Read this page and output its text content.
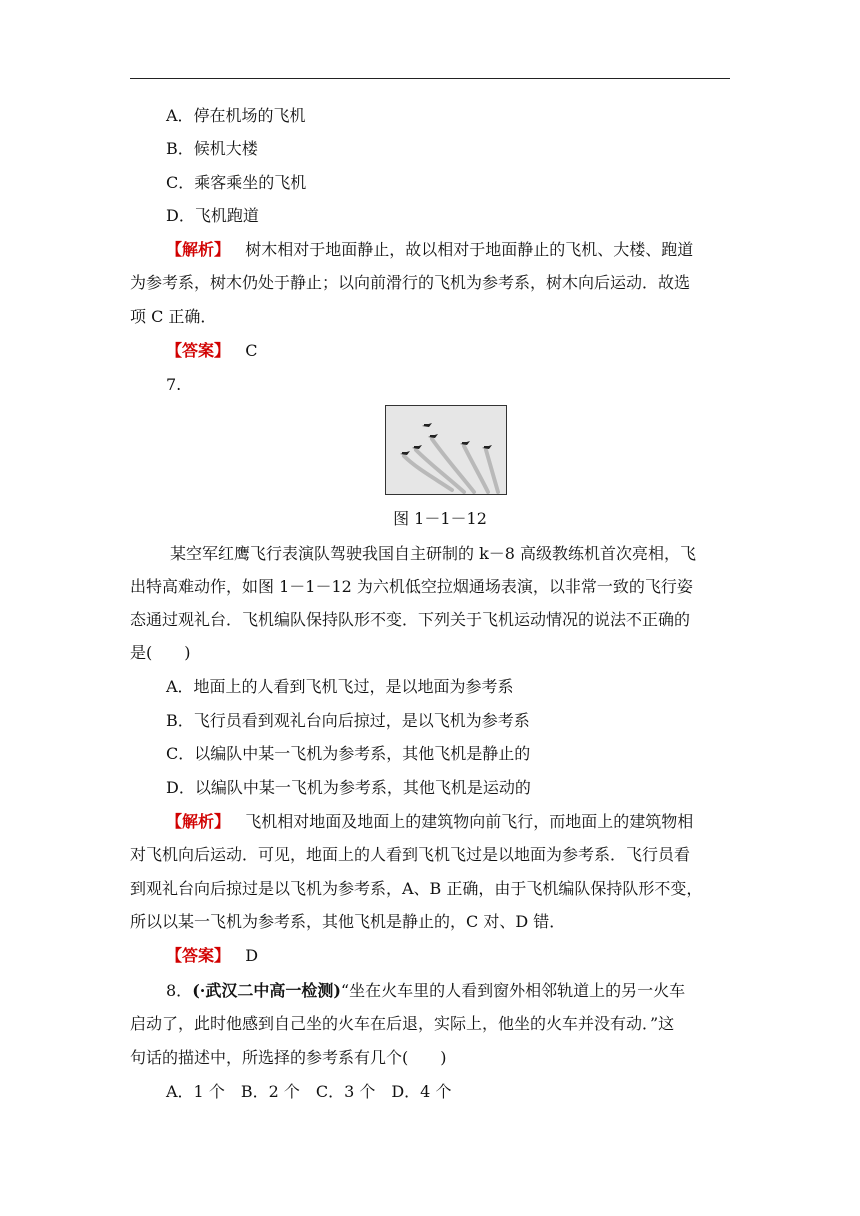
A．停在机场的飞机
B．候机大楼
C．乘客乘坐的飞机
D．飞机跑道
【解析】 树木相对于地面静止，故以相对于地面静止的飞机、大楼、跑道
为参考系，树木仍处于静止；以向前滑行的飞机为参考系，树木向后运动．故选
项 C 正确．
【答案】 C
7.
图 1－1－12
某空军红鹰飞行表演队驾驶我国自主研制的 k－8 高级教练机首次亮相，飞
出特高难动作，如图 1－1－12 为六机低空拉烟通场表演，以非常一致的飞行姿
态通过观礼台．飞机编队保持队形不变．下列关于飞机运动情况的说法不正确的
是(　　)
A．地面上的人看到飞机飞过，是以地面为参考系
B．飞行员看到观礼台向后掠过，是以飞机为参考系
C．以编队中某一飞机为参考系，其他飞机是静止的
D．以编队中某一飞机为参考系，其他飞机是运动的
【解析】 飞机相对地面及地面上的建筑物向前飞行，而地面上的建筑物相
对飞机向后运动．可见，地面上的人看到飞机飞过是以地面为参考系．飞行员看
到观礼台向后掠过是以飞机为参考系，A、B 正确，由于飞机编队保持队形不变，
所以以某一飞机为参考系，其他飞机是静止的，C 对、D 错．
【答案】 D
8．(·武汉二中高一检测)“坐在火车里的人看到窗外相邻轨道上的另一火车
启动了，此时他感到自己坐的火车在后退，实际上，他坐的火车并没有动．”这
句话的描述中，所选择的参考系有几个(　　)
A．1 个　B．2 个　C．3 个　D．4 个
